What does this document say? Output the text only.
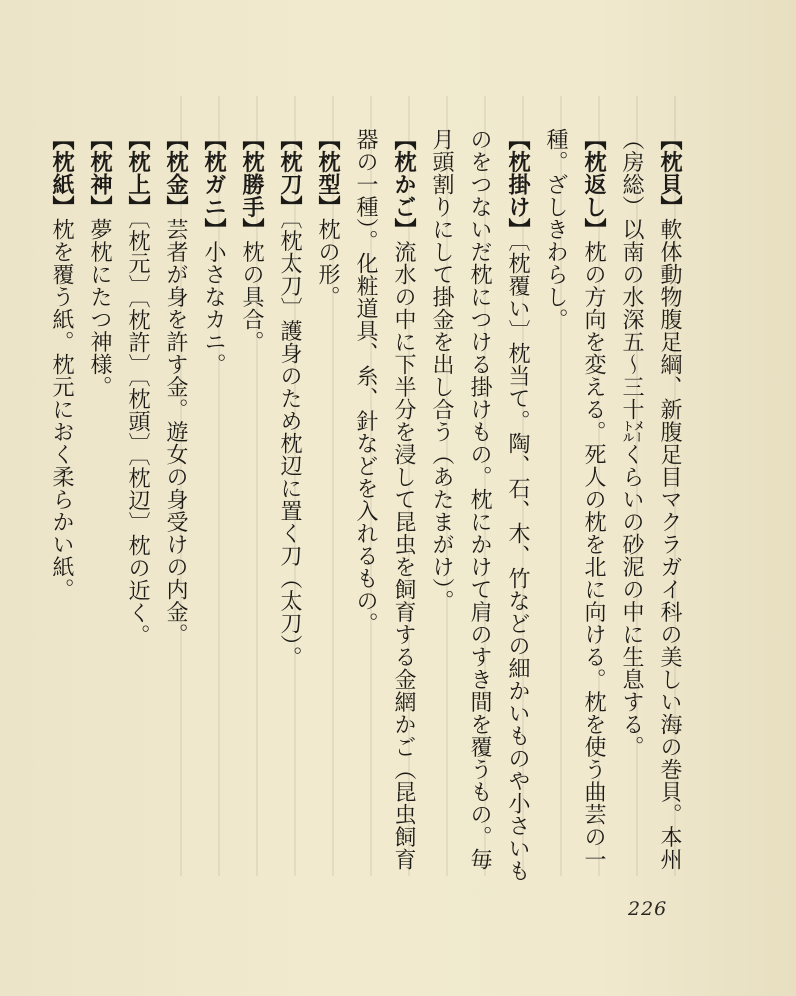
【枕貝】軟体動物腹足綱、新腹足目マクラガイ科の美しい海の巻貝。本州（房総）以南の水深五～三十㍍くらいの砂泥の中に生息する。

【枕返し】枕の方向を変える。死人の枕を北に向ける。枕を使う曲芸の一種。ざしきわらし。

【枕掛け】〔枕覆い〕枕当て。陶、石、木、竹などの細かいものや小さいものをつないだ枕につける掛けもの。枕にかけて肩のすき間を覆うもの。毎月頭割りにして掛金を出し合う（あたまがけ）。

【枕かご】流水の中に下半分を浸して昆虫を飼育する金網かご（昆虫飼育器の一種）。化粧道具、糸、針などを入れるもの。

【枕型】枕の形。

【枕刀】〔枕太刀〕護身のため枕辺に置く刀（太刀）。

【枕勝手】枕の具合。

【枕ガニ】小さなカニ。

【枕金】芸者が身を許す金。遊女の身受けの内金。

【枕上】〔枕元〕〔枕許〕〔枕頭〕〔枕辺〕枕の近く。

【枕神】夢枕にたつ神様。

【枕紙】枕を覆う紙。枕元におく柔らかい紙。

226
